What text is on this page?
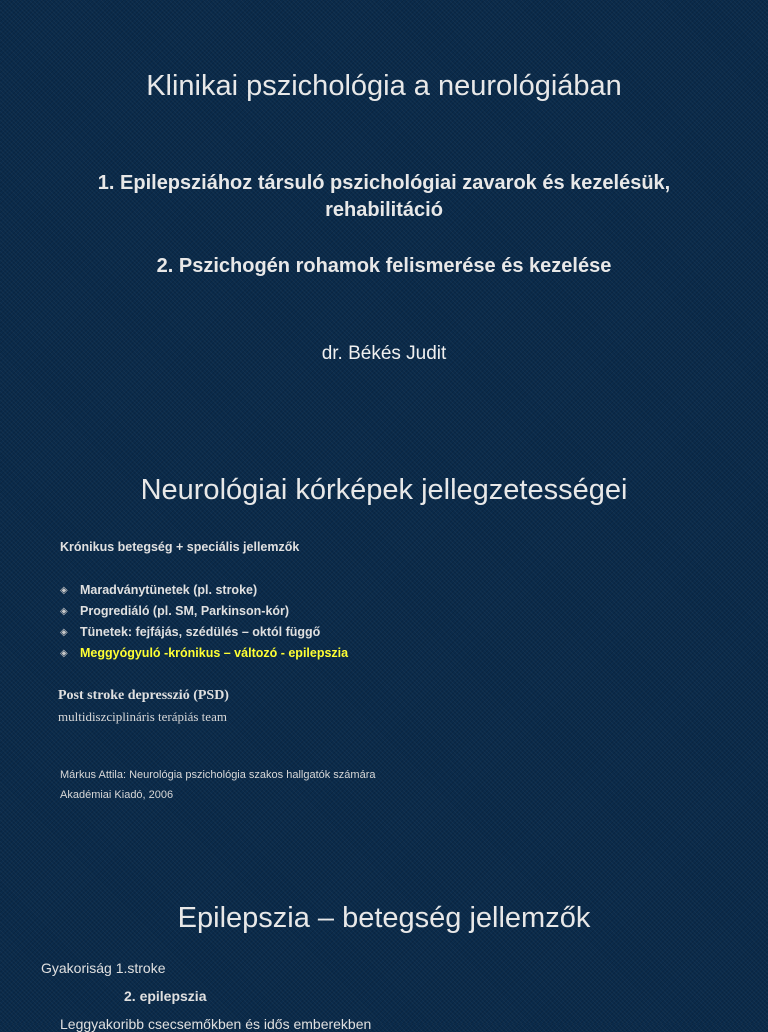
Klinikai pszichológia a neurológiában
1. Epilepsziához társuló pszichológiai zavarok és kezelésük,
rehabilitáció
2. Pszichogén rohamok felismerése és kezelése
dr. Békés Judit
Neurológiai kórképek jellegzetességei
Krónikus betegség + speciális jellemzők
◈ Maradványtünetek (pl. stroke)
◈ Progrediáló (pl. SM, Parkinson-kór)
◈ Tünetek: fejfájás, szédülés – októl függő
◈ Meggyógyuló -krónikus – változó - epilepszia
Post stroke depresszió (PSD)
multidiszciplináris terápiás team
Márkus Attila: Neurológia pszichológia szakos hallgatók számára
Akadémiai Kiadó, 2006
Epilepszia – betegség jellemzők
Gyakoriság 1.stroke
2. epilepszia
Leggyakoribb csecsemőkben és idős emberekben
